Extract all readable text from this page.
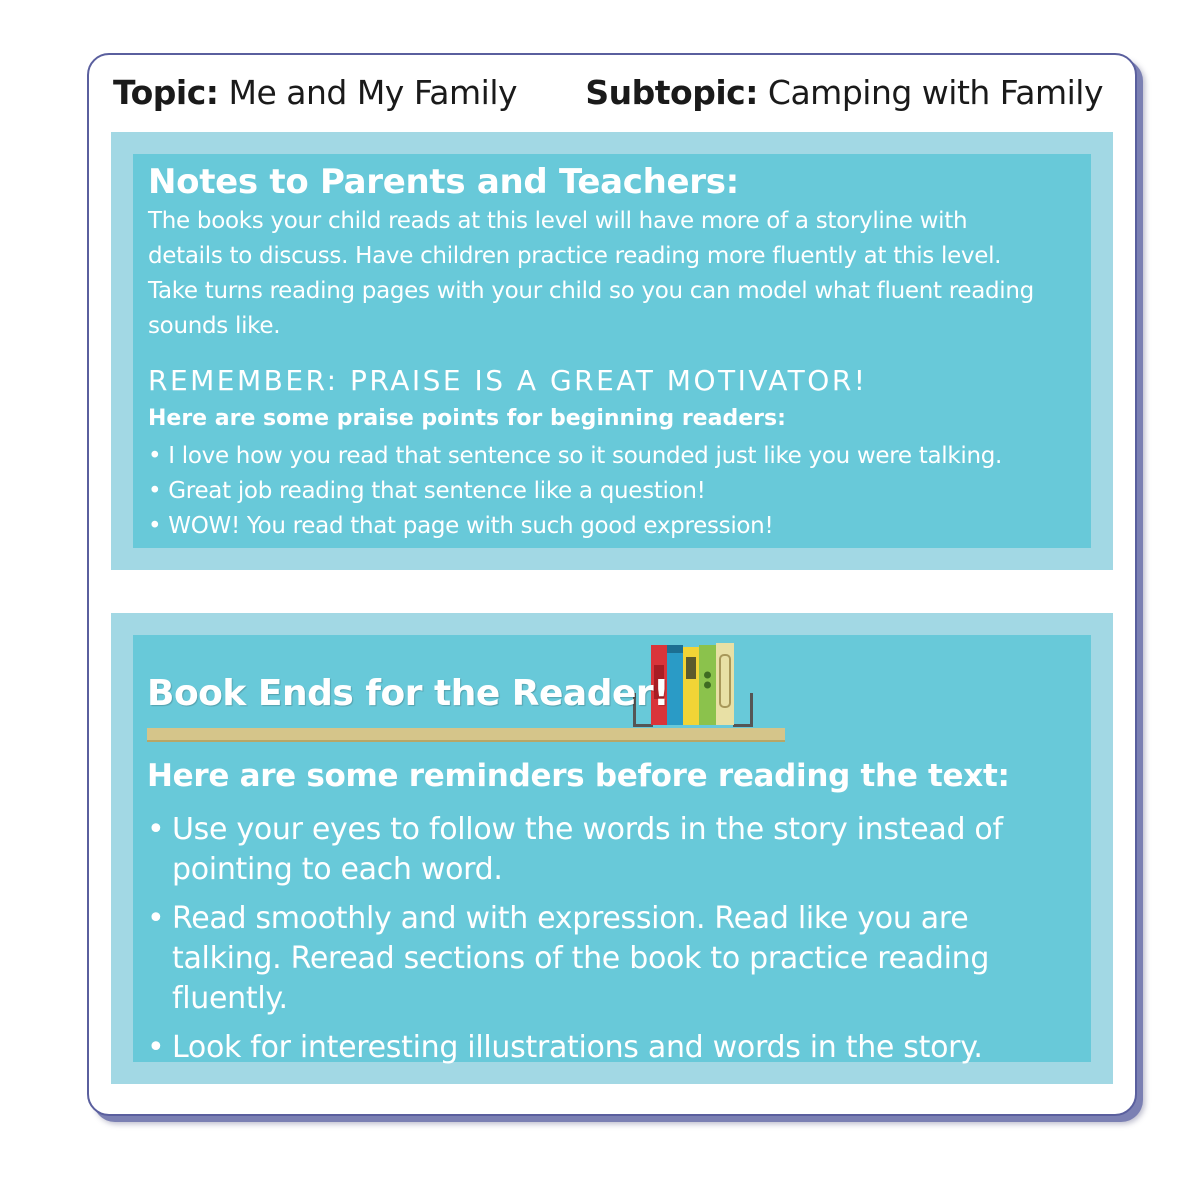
Topic: Me and My Family Subtopic: Camping with Family
Notes to Parents and Teachers:
The books your child reads at this level will have more of a storyline with details to discuss. Have children practice reading more fluently at this level. Take turns reading pages with your child so you can model what fluent reading sounds like.
REMEMBER: PRAISE IS A GREAT MOTIVATOR!
Here are some praise points for beginning readers:
• I love how you read that sentence so it sounded just like you were talking.
• Great job reading that sentence like a question!
• WOW! You read that page with such good expression!
Book Ends for the Reader!
Here are some reminders before reading the text:
• Use your eyes to follow the words in the story instead of pointing to each word.
• Read smoothly and with expression. Read like you are talking. Reread sections of the book to practice reading fluently.
• Look for interesting illustrations and words in the story.
